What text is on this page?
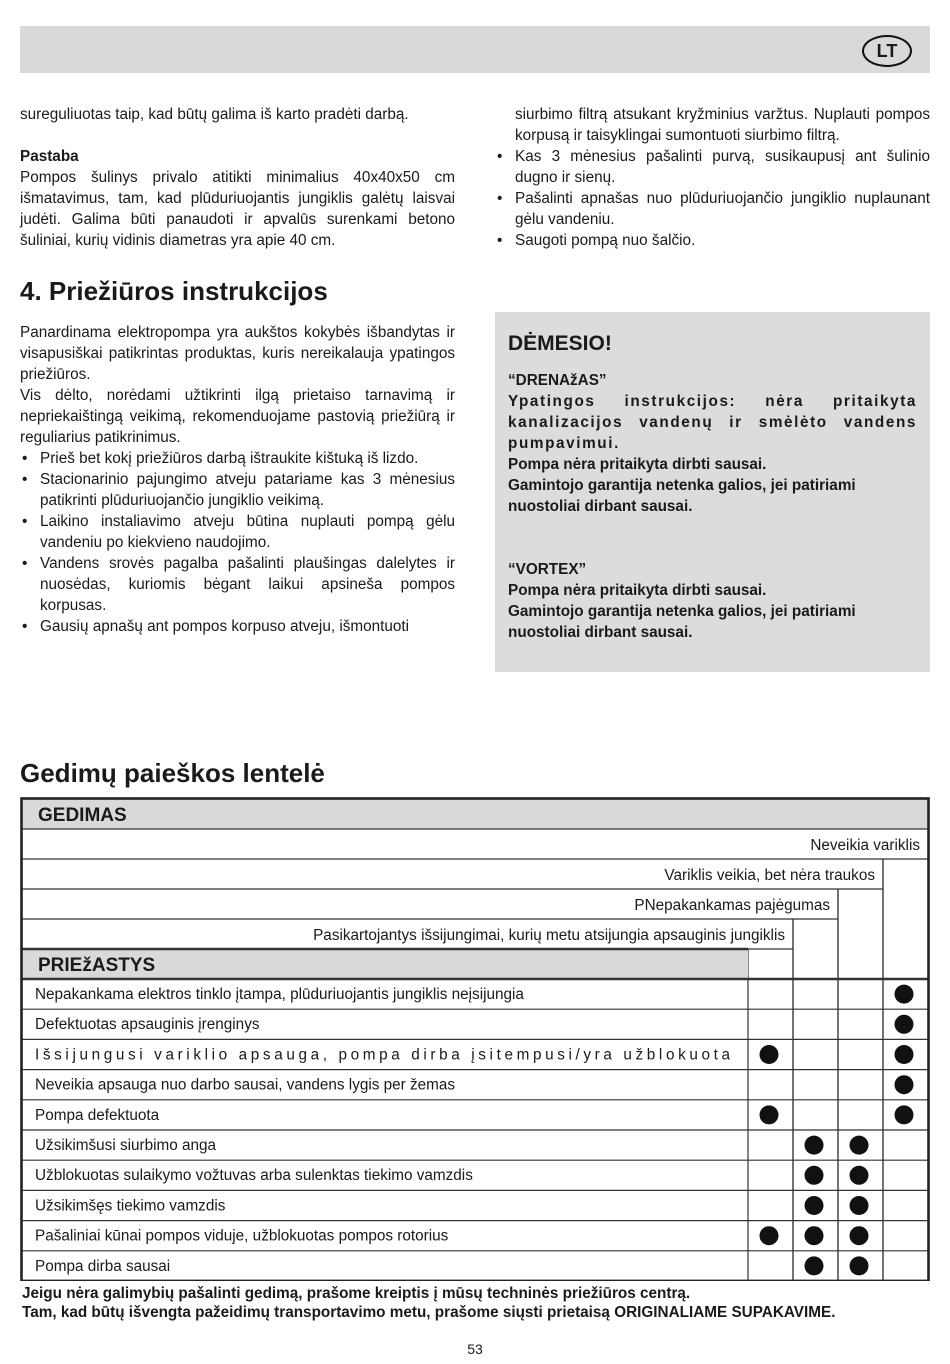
LT

sureguliuotas taip, kad būtų galima iš karto pradėti darbą.

Pastaba

Pompos šulinys privalo atitikti minimalius 40x40x50 cm išmatavimus, tam, kad plūduriuojantis jungiklis galėtų laisvai judėti. Galima būti panaudoti ir apvalūs surenkami betono šuliniai, kurių vidinis diametras yra apie 40 cm.

4. Priežiūros instrukcijos

Panardinama elektropompa yra aukštos kokybės išbandytas ir visapusiškai patikrintas produktas, kuris nereikalauja ypatingos priežiūros.

Vis dėlto, norėdami užtikrinti ilgą prietaiso tarnavimą ir nepriekaištingą veikimą, rekomenduojame pastovią priežiūrą ir reguliarius patikrinimus.

• Prieš bet kokį priežiūros darbą ištraukite kištuką iš lizdo.
• Stacionarinio pajungimo atveju patariame kas 3 mėnesius patikrinti plūduriuojančio jungiklio veikimą.
• Laikino instaliavimo atveju būtina nuplauti pompą gėlu vandeniu po kiekvieno naudojimo.
• Vandens srovės pagalba pašalinti plaušingas dalelytes ir nuosėdas, kuriomis bėgant laikui apsineša pompos korpusas.
• Gausių apnašų ant pompos korpuso atveju, išmontuoti

siurbimo filtrą atsukant kryžminius varžtus. Nuplauti pompos korpusą ir taisyklingai sumontuoti siurbimo filtrą.

• Kas 3 mėnesius pašalinti purvą, susikaupusį ant šulinio dugno ir sienų.
• Pašalinti apnašas nuo plūduriuojančio jungiklio nuplaunant gėlu vandeniu.
• Saugoti pompą nuo šalčio.
DĖMESIO!

“DRENAžAS”

Ypatingos instrukcijos: nėra pritaikyta kanalizacijos vandenų ir smėlėto vandens pumpavimui.

Pompa nėra pritaikyta dirbti sausai.

Gamintojo garantija netenka galios, jei patiriami nuostoliai dirbant sausai.

“VORTEX”

Pompa nėra pritaikyta dirbti sausai.

Gamintojo garantija netenka galios, jei patiriami nuostoliai dirbant sausai.

Gedimų paieškos lentelė
GEDIMAS
Neveikia variklis
Variklis veikia, bet nėra traukos
PNepakankamas pajėgumas
Pasikartojantys išsijungimai, kurių metu atsijungia apsauginis jungiklis
PRIEžASTYS
Nepakankama elektros tinklo įtampa, plūduriuojantis jungiklis neįsijungia
Defektuotas apsauginis įrenginys
Išsijungusi variklio apsauga, pompa dirba įsitempusi/yra užblokuota
Neveikia apsauga nuo darbo sausai, vandens lygis per žemas
Pompa defektuota
Užsikimšusi siurbimo anga
Užblokuotas sulaikymo vožtuvas arba sulenktas tiekimo vamzdis
Užsikimšęs tiekimo vamzdis
Pašaliniai kūnai pompos viduje, užblokuotas pompos rotorius
Pompa dirba sausai
Jeigu nėra galimybių pašalinti gedimą, prašome kreiptis į mūsų techninės priežiūros centrą.
Tam, kad būtų išvengta pažeidimų transportavimo metu, prašome siųsti prietaisą ORIGINALIAME SUPAKAVIME.
53
